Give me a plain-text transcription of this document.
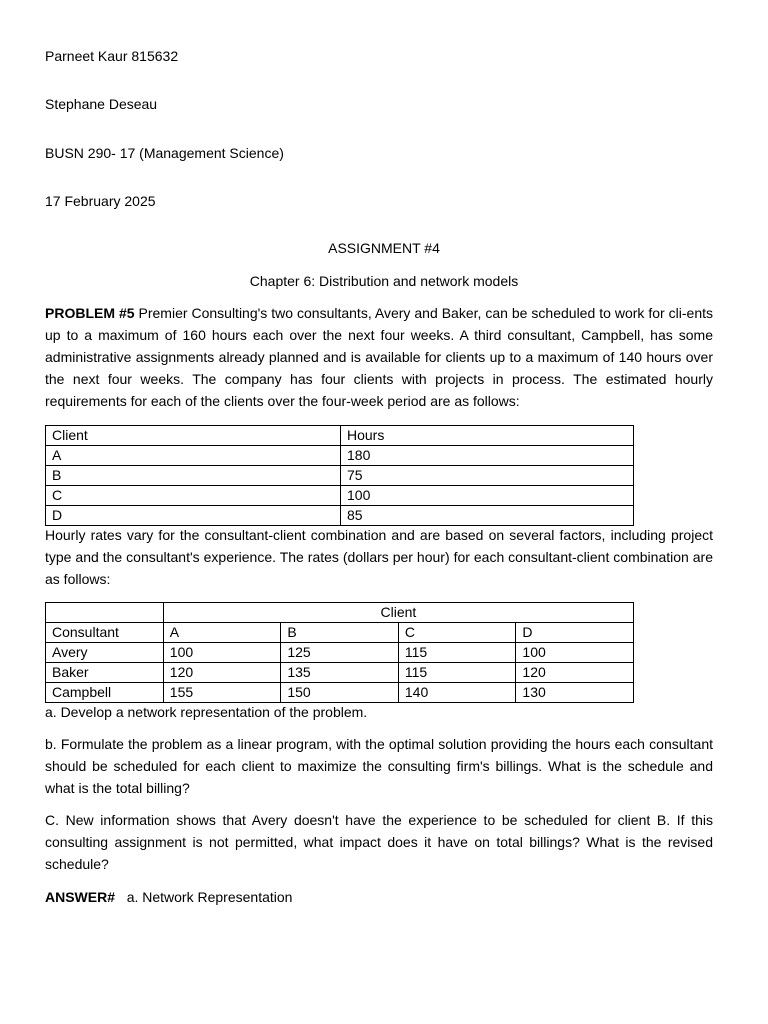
Parneet Kaur 815632
Stephane Deseau
BUSN 290- 17 (Management Science)
17 February 2025
ASSIGNMENT #4
Chapter 6: Distribution and network models
PROBLEM #5 Premier Consulting's two consultants, Avery and Baker, can be scheduled to work for cli-ents up to a maximum of 160 hours each over the next four weeks. A third consultant, Campbell, has some administrative assignments already planned and is available for clients up to a maximum of 140 hours over the next four weeks. The company has four clients with projects in process. The estimated hourly requirements for each of the clients over the four-week period are as follows:
Client	Hours
A	180
B	75
C	100
D	85
Hourly rates vary for the consultant-client combination and are based on several factors, including project type and the consultant's experience. The rates (dollars per hour) for each consultant-client combination are as follows:
	Client			
Consultant	A	B	C	D
Avery	100	125	115	100
Baker	120	135	115	120
Campbell	155	150	140	130
a. Develop a network representation of the problem.
b. Formulate the problem as a linear program, with the optimal solution providing the hours each consultant should be scheduled for each client to maximize the consulting firm's billings. What is the schedule and what is the total billing?
C. New information shows that Avery doesn't have the experience to be scheduled for client B. If this consulting assignment is not permitted, what impact does it have on total billings? What is the revised schedule?
ANSWER# a. Network Representation
